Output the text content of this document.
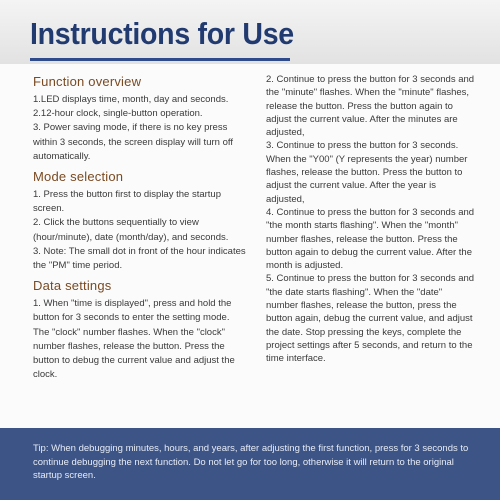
Instructions for Use
Function overview
1.LED displays time, month, day and seconds.
2.12-hour clock, single-button operation.
3. Power saving mode, if there is no key press within 3 seconds, the screen display will turn off automatically.
Mode selection
1. Press the button first to display the startup screen.
2. Click the buttons sequentially to view (hour/minute), date (month/day), and seconds.
3. Note: The small dot in front of the hour indicates the "PM" time period.
Data settings
1. When "time is displayed", press and hold the button for 3 seconds to enter the setting mode. The "clock" number flashes. When the "clock" number flashes, release the button. Press the button to debug the current value and adjust the clock.
2. Continue to press the button for 3 seconds and the "minute" flashes. When the "minute" flashes, release the button. Press the button again to adjust the current value. After the minutes are adjusted,
3. Continue to press the button for 3 seconds. When the "Y00" (Y represents the year) number flashes, release the button. Press the button to adjust the current value. After the year is adjusted,
4. Continue to press the button for 3 seconds and "the month starts flashing". When the "month" number flashes, release the button. Press the button again to debug the current value. After the month is adjusted.
5. Continue to press the button for 3 seconds and "the date starts flashing". When the "date" number flashes, release the button, press the button again, debug the current value, and adjust the date. Stop pressing the keys, complete the project settings after 5 seconds, and return to the time interface.
Tip: When debugging minutes, hours, and years, after adjusting the first function, press for 3 seconds to continue debugging the next function. Do not let go for too long, otherwise it will return to the original startup screen.
